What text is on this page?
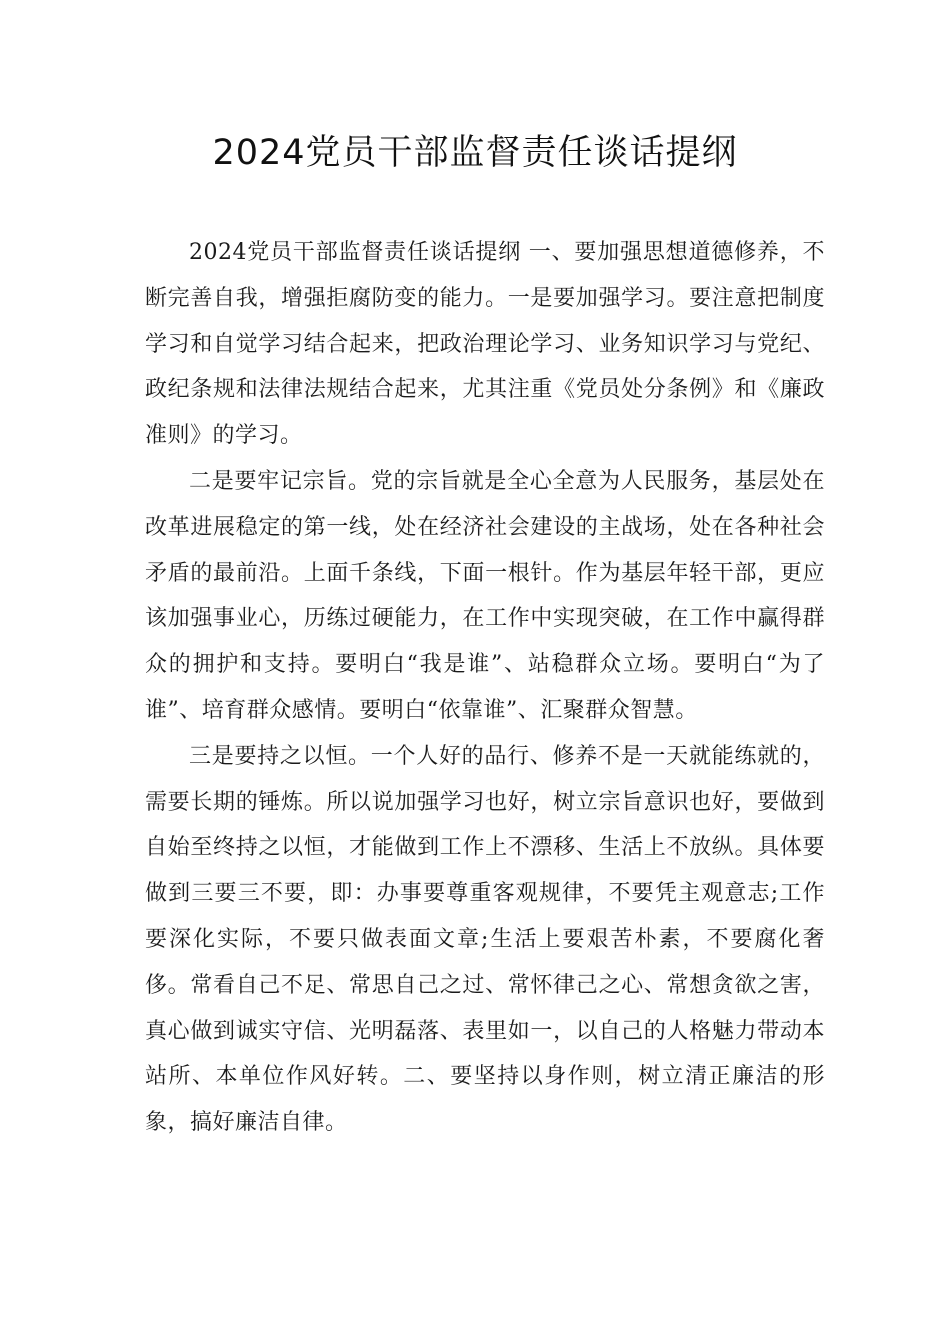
2024党员干部监督责任谈话提纲

2024党员干部监督责任谈话提纲 一、要加强思想道德修养，不断完善自我，增强拒腐防变的能力。一是要加强学习。要注意把制度学习和自觉学习结合起来，把政治理论学习、业务知识学习与党纪、政纪条规和法律法规结合起来，尤其注重《党员处分条例》和《廉政准则》的学习。

二是要牢记宗旨。党的宗旨就是全心全意为人民服务，基层处在改革进展稳定的第一线，处在经济社会建设的主战场，处在各种社会矛盾的最前沿。上面千条线，下面一根针。作为基层年轻干部，更应该加强事业心，历练过硬能力，在工作中实现突破，在工作中赢得群众的拥护和支持。要明白“我是谁”、站稳群众立场。要明白“为了谁”、培育群众感情。要明白“依靠谁”、汇聚群众智慧。

三是要持之以恒。一个人好的品行、修养不是一天就能练就的，需要长期的锤炼。所以说加强学习也好，树立宗旨意识也好，要做到自始至终持之以恒，才能做到工作上不漂移、生活上不放纵。具体要做到三要三不要，即：办事要尊重客观规律，不要凭主观意志;工作要深化实际，不要只做表面文章;生活上要艰苦朴素，不要腐化奢侈。常看自己不足、常思自己之过、常怀律己之心、常想贪欲之害，真心做到诚实守信、光明磊落、表里如一，以自己的人格魅力带动本站所、本单位作风好转。二、要坚持以身作则，树立清正廉洁的形象，搞好廉洁自律。
